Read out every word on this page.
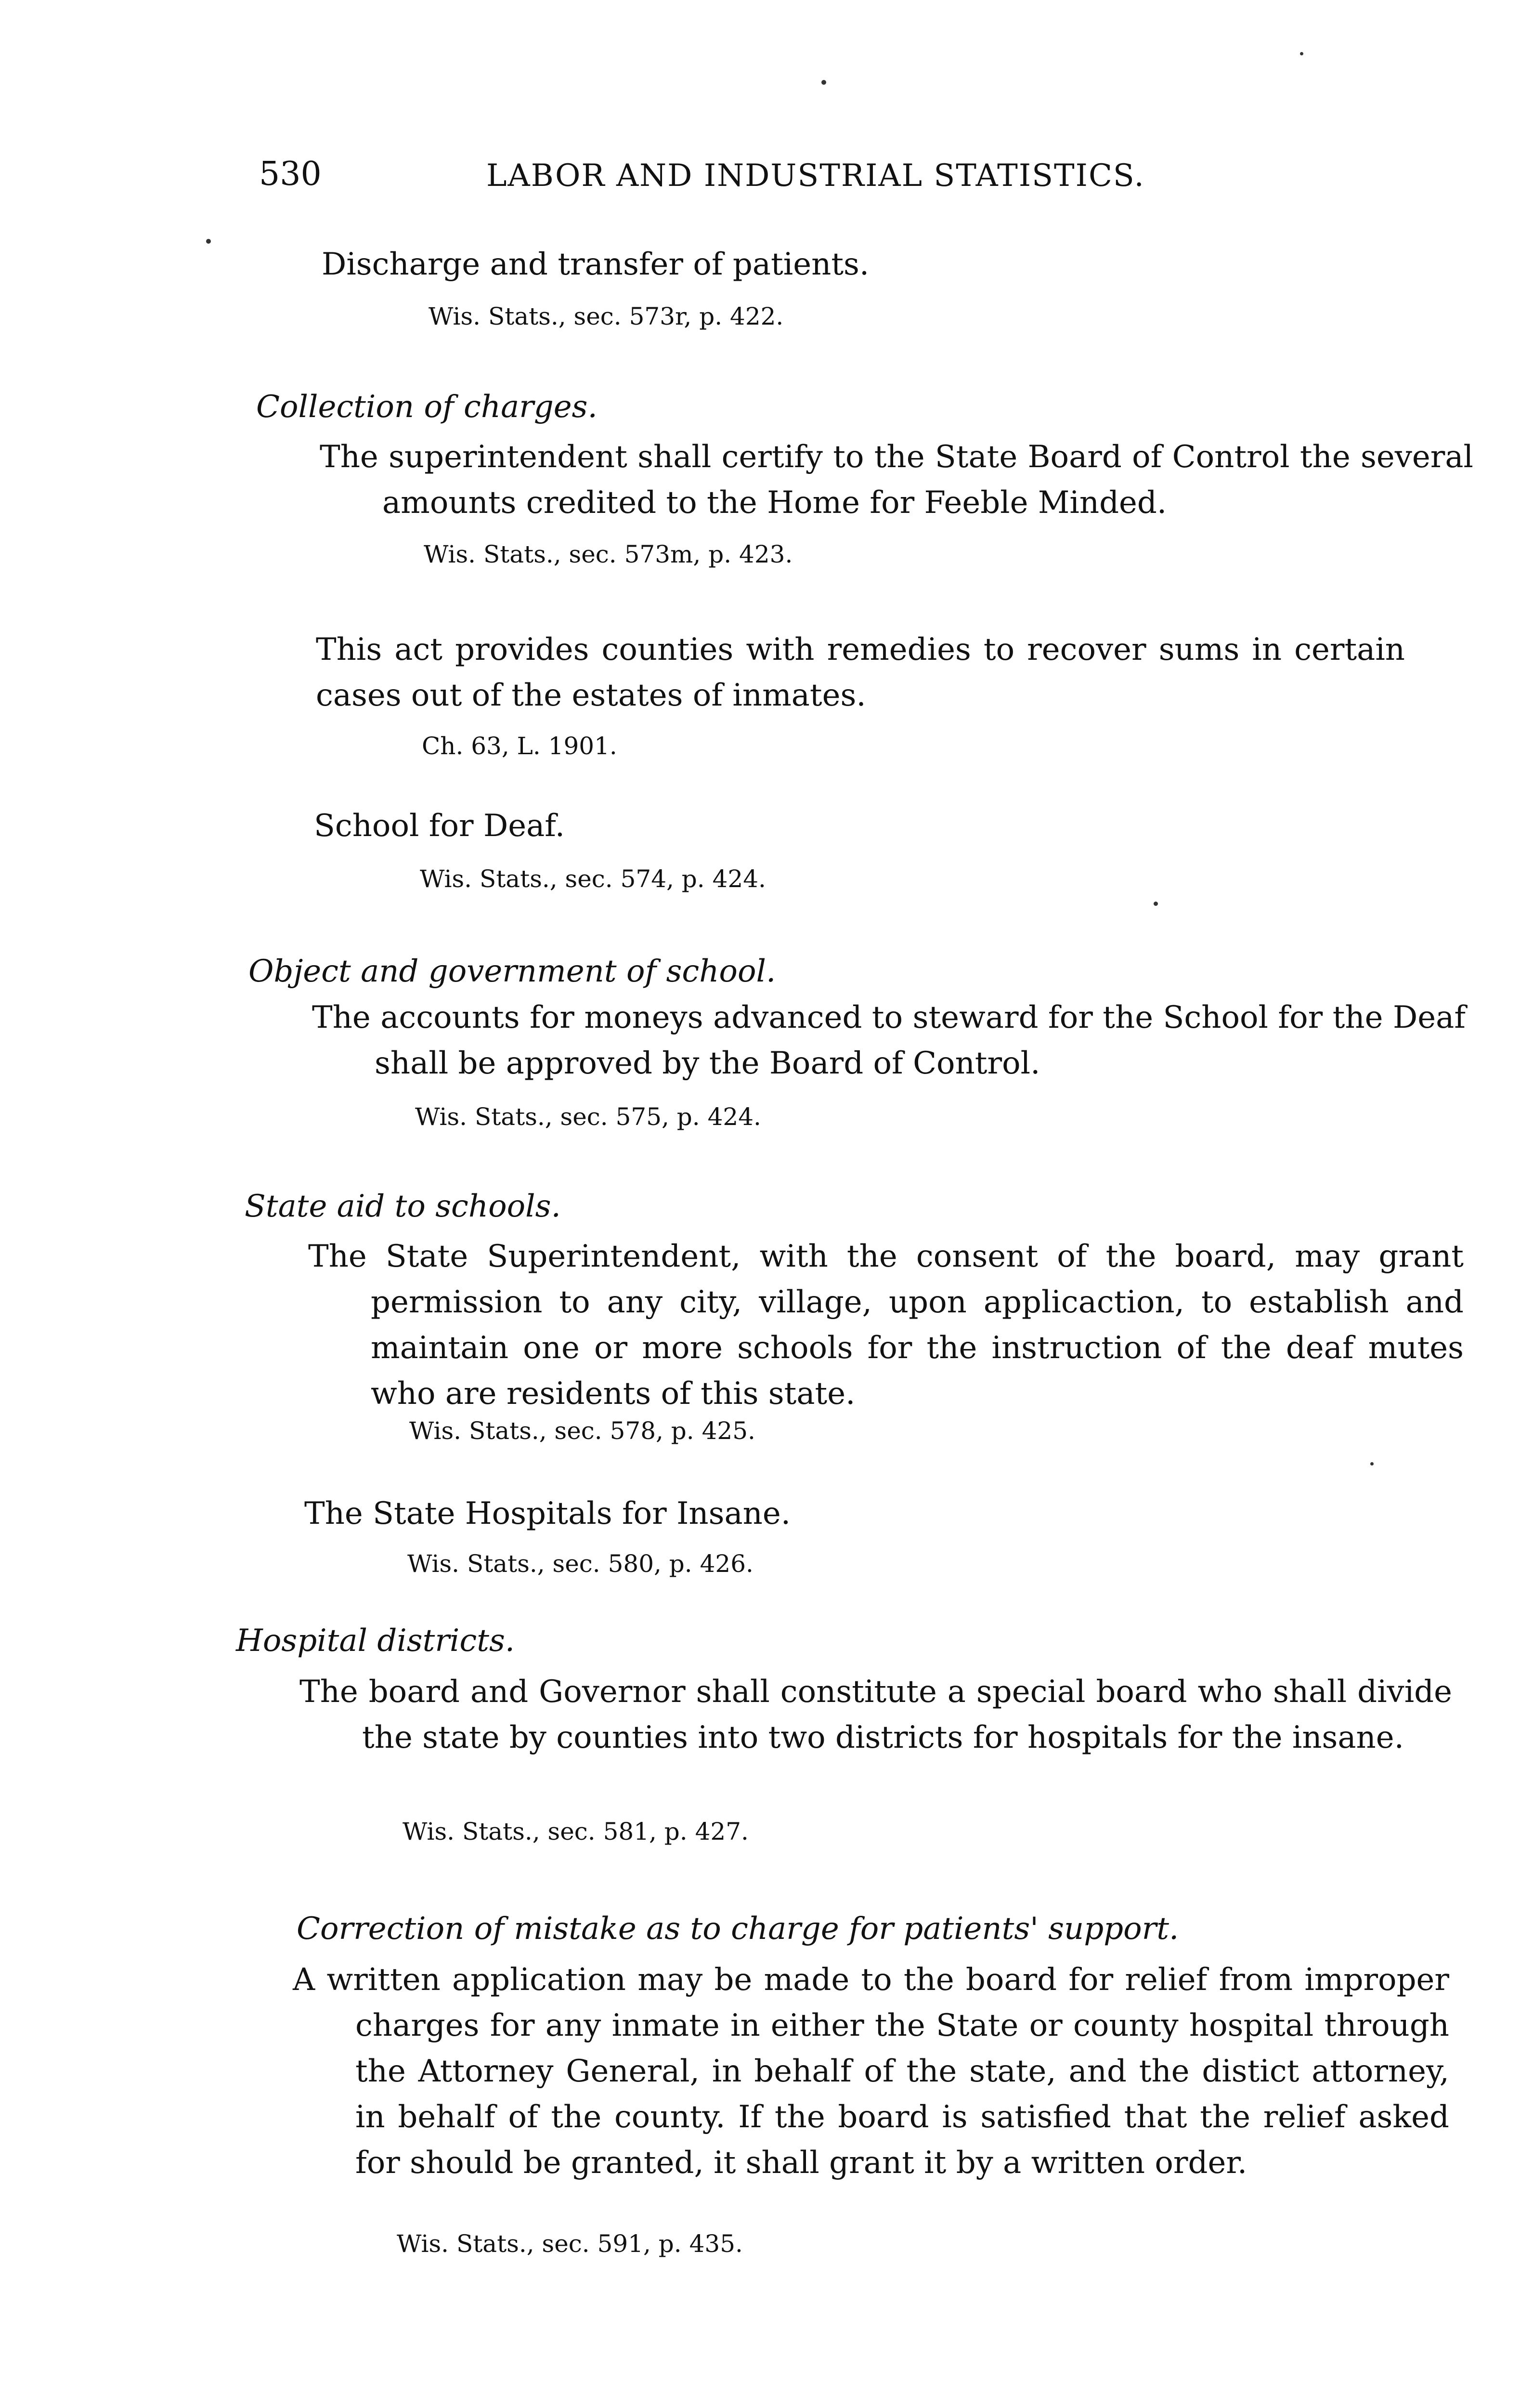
530	LABOR AND INDUSTRIAL STATISTICS.
Discharge and transfer of patients.
Wis. Stats., sec. 573r, p. 422.
Collection of charges.
The superintendent shall certify to the State Board of Control the several amounts credited to the Home for Feeble Minded.
Wis. Stats., sec. 573m, p. 423.
This act provides counties with remedies to recover sums in certain cases out of the estates of inmates.
Ch. 63, L. 1901.
School for Deaf.
Wis. Stats., sec. 574, p. 424.
Object and government of school.
The accounts for moneys advanced to steward for the School for the Deaf shall be approved by the Board of Control.
Wis. Stats., sec. 575, p. 424.
State aid to schools.
The State Superintendent, with the consent of the board, may grant permission to any city, village, upon applicaction, to establish and maintain one or more schools for the instruction of the deaf mutes who are residents of this state.
Wis. Stats., sec. 578, p. 425.
The State Hospitals for Insane.
Wis. Stats., sec. 580, p. 426.
Hospital districts.
The board and Governor shall constitute a special board who shall divide the state by counties into two districts for hospitals for the insane.
Wis. Stats., sec. 581, p. 427.
Correction of mistake as to charge for patients' support.
A written application may be made to the board for relief from improper charges for any inmate in either the State or county hospital through the Attorney General, in behalf of the state, and the distict attorney, in behalf of the county. If the board is satisfied that the relief asked for should be granted, it shall grant it by a written order.
Wis. Stats., sec. 591, p. 435.
